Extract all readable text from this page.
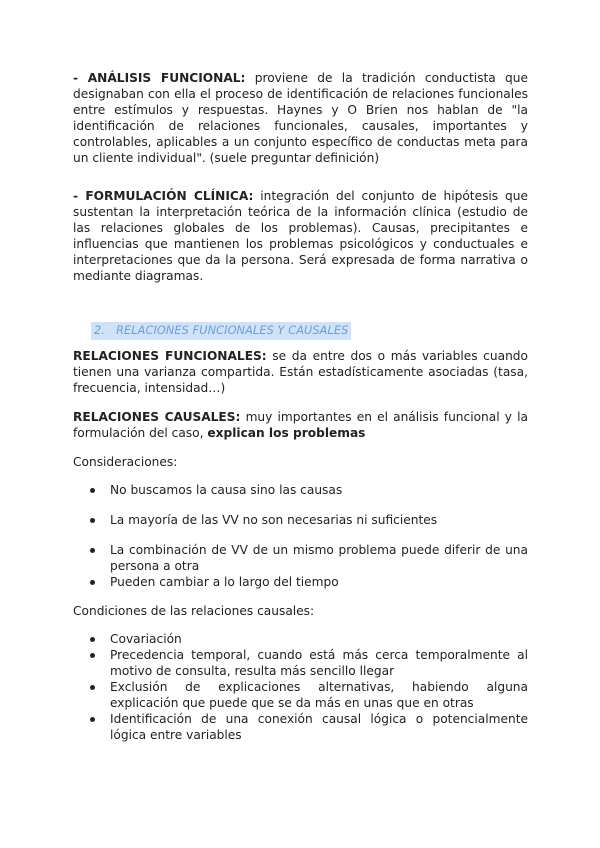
- ANÁLISIS FUNCIONAL: proviene de la tradición conductista que designaban con ella el proceso de identificación de relaciones funcionales entre estímulos y respuestas. Haynes y O Brien nos hablan de "la identificación de relaciones funcionales, causales, importantes y controlables, aplicables a un conjunto específico de conductas meta para un cliente individual". (suele preguntar definición)

- FORMULACIÓN CLÍNICA: integración del conjunto de hipótesis que sustentan la interpretación teórica de la información clínica (estudio de las relaciones globales de los problemas). Causas, precipitantes e influencias que mantienen los problemas psicológicos y conductuales e interpretaciones que da la persona. Será expresada de forma narrativa o mediante diagramas.

2. RELACIONES FUNCIONALES Y CAUSALES

RELACIONES FUNCIONALES: se da entre dos o más variables cuando tienen una varianza compartida. Están estadísticamente asociadas (tasa, frecuencia, intensidad…)

RELACIONES CAUSALES: muy importantes en el análisis funcional y la formulación del caso, explican los problemas

Consideraciones:

No buscamos la causa sino las causas
La mayoría de las VV no son necesarias ni suficientes
La combinación de VV de un mismo problema puede diferir de una persona a otra
Pueden cambiar a lo largo del tiempo

Condiciones de las relaciones causales:

Covariación
Precedencia temporal, cuando está más cerca temporalmente al motivo de consulta, resulta más sencillo llegar
Exclusión de explicaciones alternativas, habiendo alguna explicación que puede que se da más en unas que en otras
Identificación de una conexión causal lógica o potencialmente lógica entre variables
